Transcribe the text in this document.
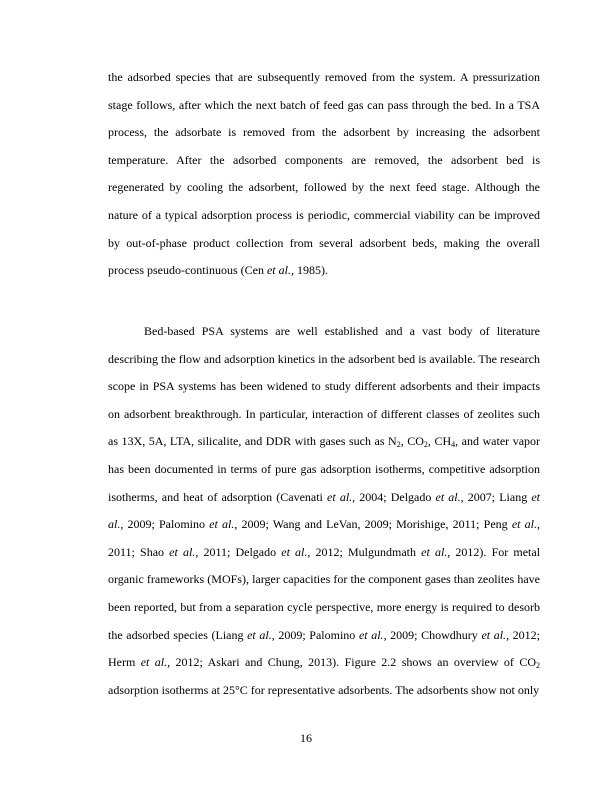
the adsorbed species that are subsequently removed from the system. A pressurization stage follows, after which the next batch of feed gas can pass through the bed. In a TSA process, the adsorbate is removed from the adsorbent by increasing the adsorbent temperature. After the adsorbed components are removed, the adsorbent bed is regenerated by cooling the adsorbent, followed by the next feed stage. Although the nature of a typical adsorption process is periodic, commercial viability can be improved by out-of-phase product collection from several adsorbent beds, making the overall process pseudo-continuous (Cen et al., 1985).

Bed-based PSA systems are well established and a vast body of literature describing the flow and adsorption kinetics in the adsorbent bed is available. The research scope in PSA systems has been widened to study different adsorbents and their impacts on adsorbent breakthrough. In particular, interaction of different classes of zeolites such as 13X, 5A, LTA, silicalite, and DDR with gases such as $N_2$, $CO_2$, $CH_4$, and water vapor has been documented in terms of pure gas adsorption isotherms, competitive adsorption isotherms, and heat of adsorption (Cavenati et al., 2004; Delgado et al., 2007; Liang et al., 2009; Palomino et al., 2009; Wang and LeVan, 2009; Morishige, 2011; Peng et al., 2011; Shao et al., 2011; Delgado et al., 2012; Mulgundmath et al., 2012). For metal organic frameworks (MOFs), larger capacities for the component gases than zeolites have been reported, but from a separation cycle perspective, more energy is required to desorb the adsorbed species (Liang et al., 2009; Palomino et al., 2009; Chowdhury et al., 2012; Herm et al., 2012; Askari and Chung, 2013). Figure 2.2 shows an overview of $CO_2$ adsorption isotherms at 25°C for representative adsorbents. The adsorbents show not only

16
